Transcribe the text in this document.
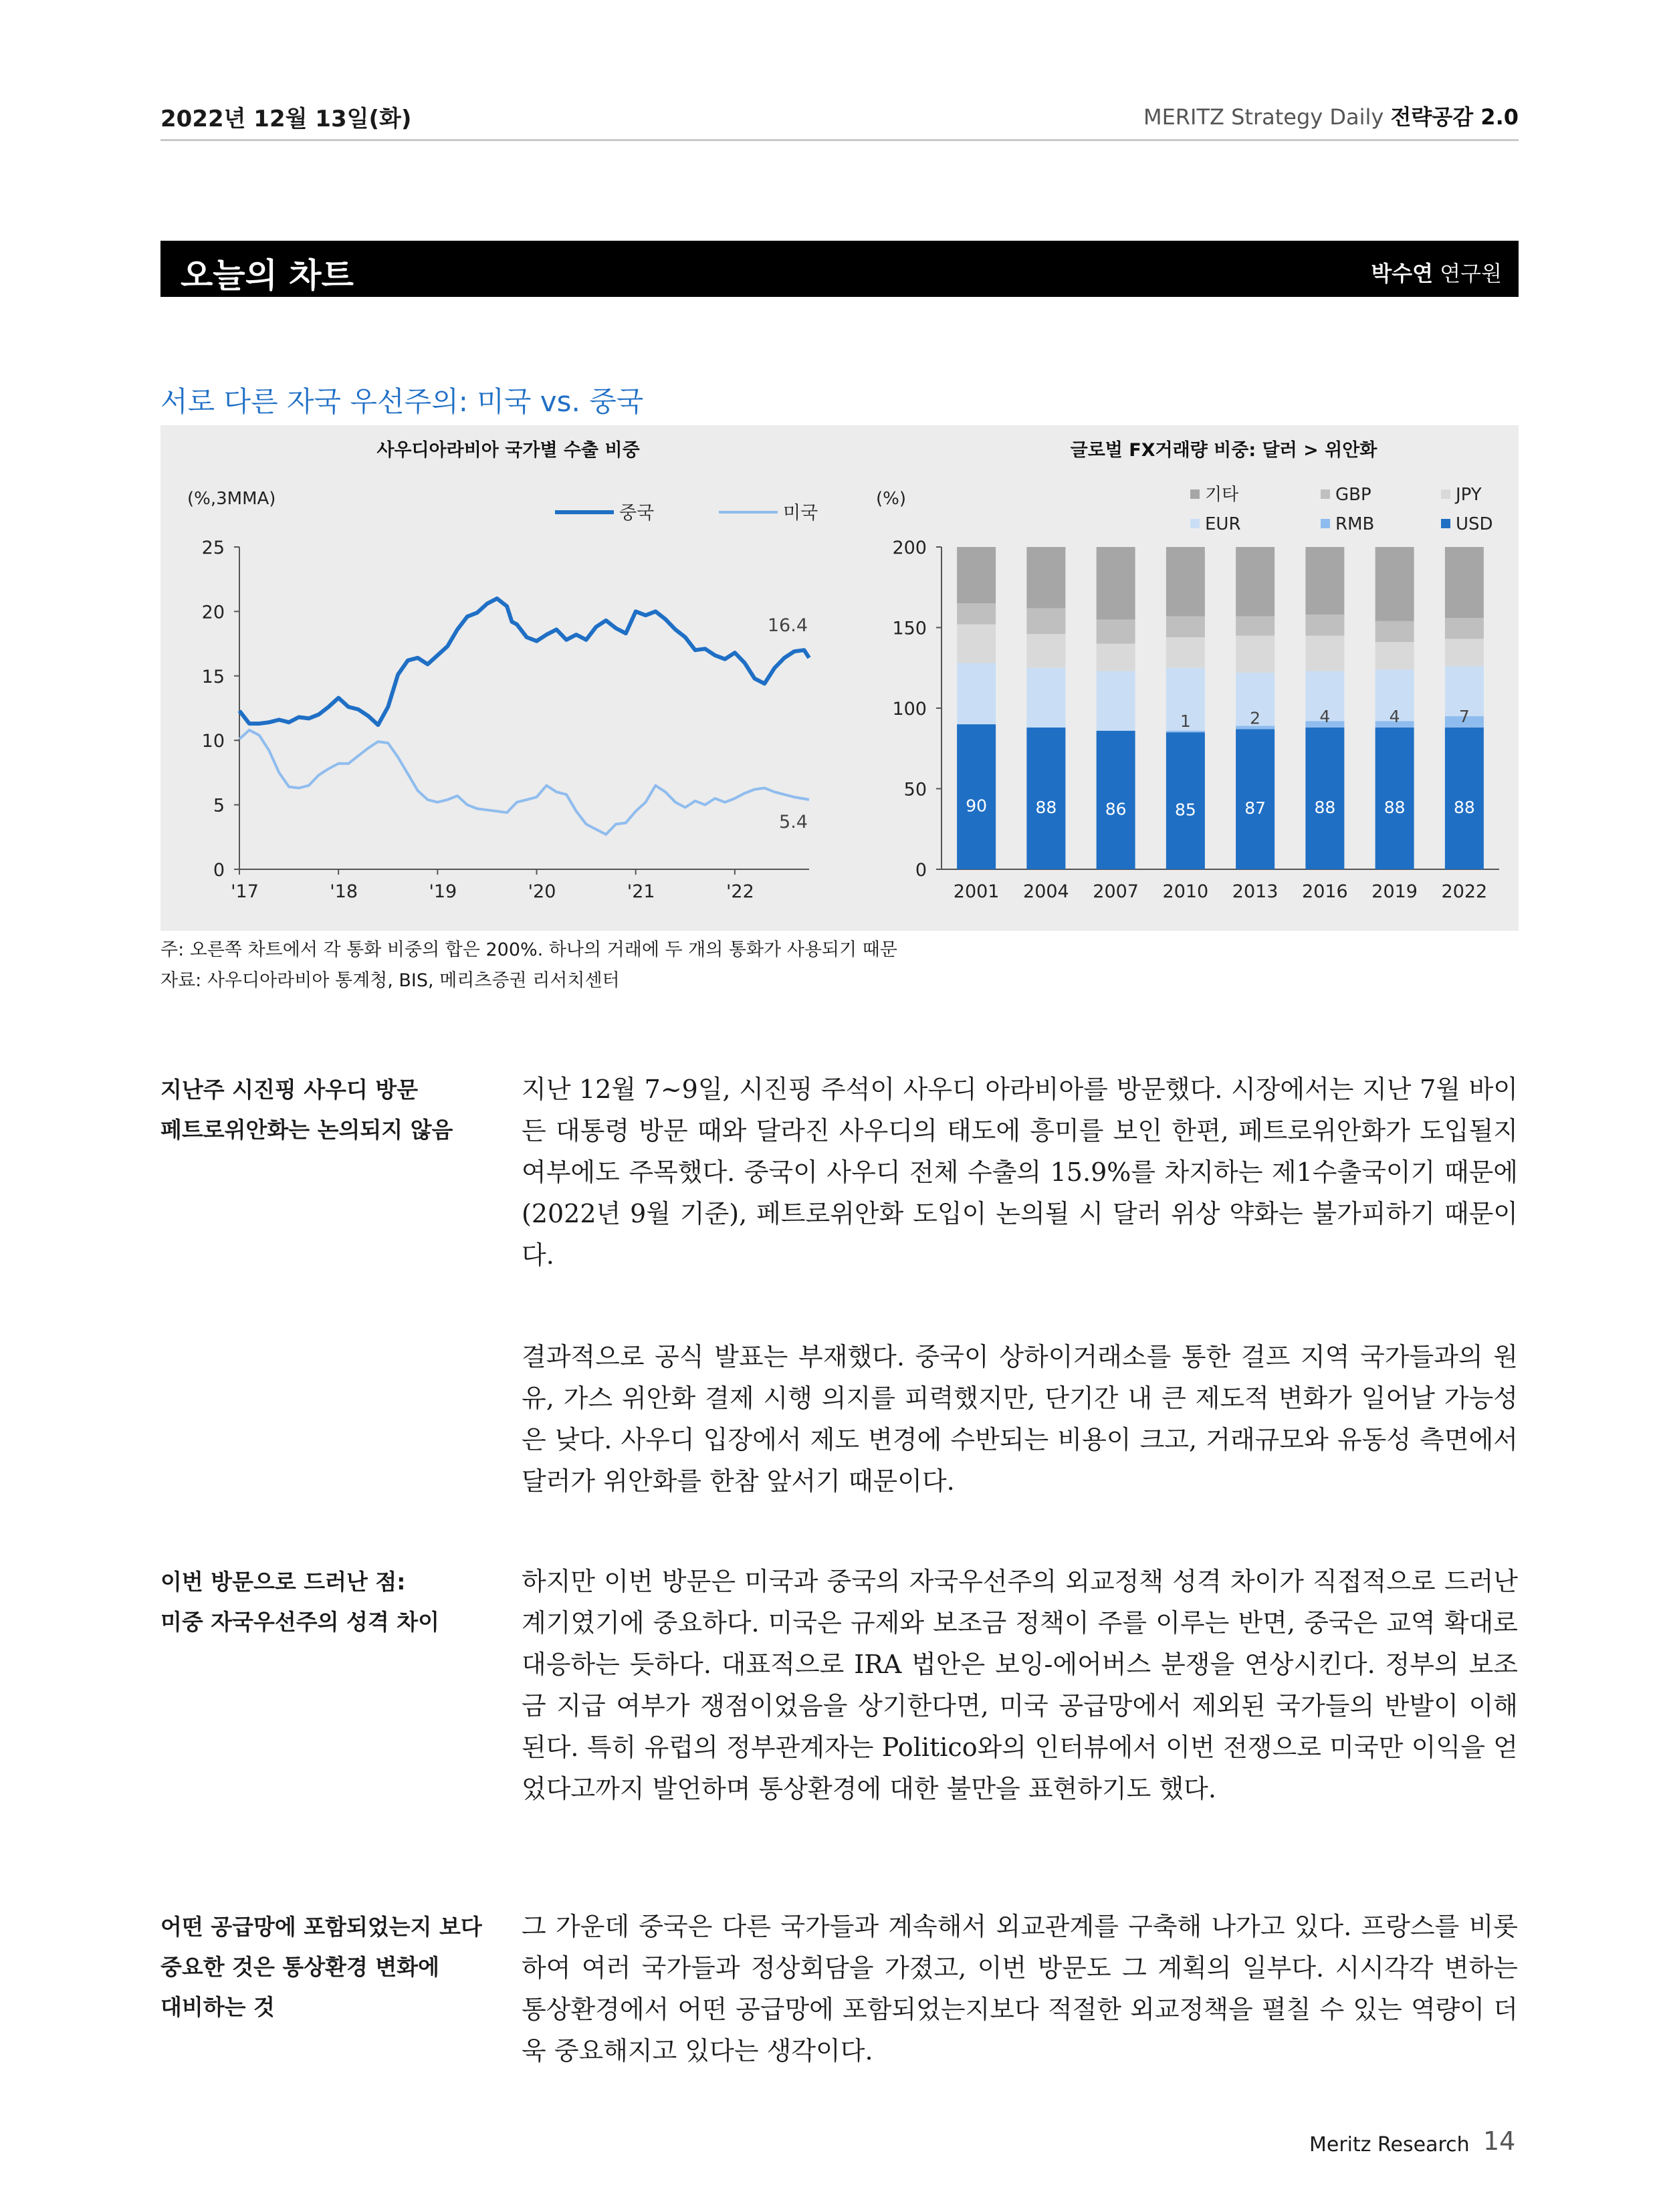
2022년 12월 13일(화)	MERITZ Strategy Daily 전략공감 2.0
오늘의 차트	박수연 연구원
서로 다른 자국 우선주의: 미국 vs. 중국
사우디아라비아 국가별 수출 비중
(%,3MMA)
0
5
10
15
20
25
'17	'18	'19	'20	'21	'22
중국
16.4
미국
5.4
글로벌 FX거래량 비중: 달러 > 위안화
(%)
0
50
100
150
200
2001
90
2004
88
2007
86
2010
85
1
2013
87
2
2016
88
4
2019
88
4
2022
88
7
기타	GBP	JPY
EUR	RMB	USD
주: 오른쪽 차트에서 각 통화 비중의 합은 200%. 하나의 거래에 두 개의 통화가 사용되기 때문
자료: 사우디아라비아 통계청, BIS, 메리츠증권 리서치센터
지난주 시진핑 사우디 방문
페트로위안화는 논의되지 않음
지난 12월 7~9일, 시진핑 주석이 사우디 아라비아를 방문했다. 시장에서는 지난 7월 바이든 대통령 방문 때와 달라진 사우디의 태도에 흥미를 보인 한편, 페트로위안화가 도입될지 여부에도 주목했다. 중국이 사우디 전체 수출의 15.9%를 차지하는 제1수출국이기 때문에(2022년 9월 기준), 페트로위안화 도입이 논의될 시 달러 위상 약화는 불가피하기 때문이다.
결과적으로 공식 발표는 부재했다. 중국이 상하이거래소를 통한 걸프 지역 국가들과의 원유, 가스 위안화 결제 시행 의지를 피력했지만, 단기간 내 큰 제도적 변화가 일어날 가능성은 낮다. 사우디 입장에서 제도 변경에 수반되는 비용이 크고, 거래규모와 유동성 측면에서 달러가 위안화를 한참 앞서기 때문이다.
이번 방문으로 드러난 점:
미중 자국우선주의 성격 차이
하지만 이번 방문은 미국과 중국의 자국우선주의 외교정책 성격 차이가 직접적으로 드러난 계기였기에 중요하다. 미국은 규제와 보조금 정책이 주를 이루는 반면, 중국은 교역 확대로 대응하는 듯하다. 대표적으로 IRA 법안은 보잉-에어버스 분쟁을 연상시킨다. 정부의 보조금 지급 여부가 쟁점이었음을 상기한다면, 미국 공급망에서 제외된 국가들의 반발이 이해된다. 특히 유럽의 정부관계자는 Politico와의 인터뷰에서 이번 전쟁으로 미국만 이익을 얻었다고까지 발언하며 통상환경에 대한 불만을 표현하기도 했다.
어떤 공급망에 포함되었는지 보다
중요한 것은 통상환경 변화에
대비하는 것
그 가운데 중국은 다른 국가들과 계속해서 외교관계를 구축해 나가고 있다. 프랑스를 비롯하여 여러 국가들과 정상회담을 가졌고, 이번 방문도 그 계획의 일부다. 시시각각 변하는 통상환경에서 어떤 공급망에 포함되었는지보다 적절한 외교정책을 펼칠 수 있는 역량이 더욱 중요해지고 있다는 생각이다.
Meritz Research 14
